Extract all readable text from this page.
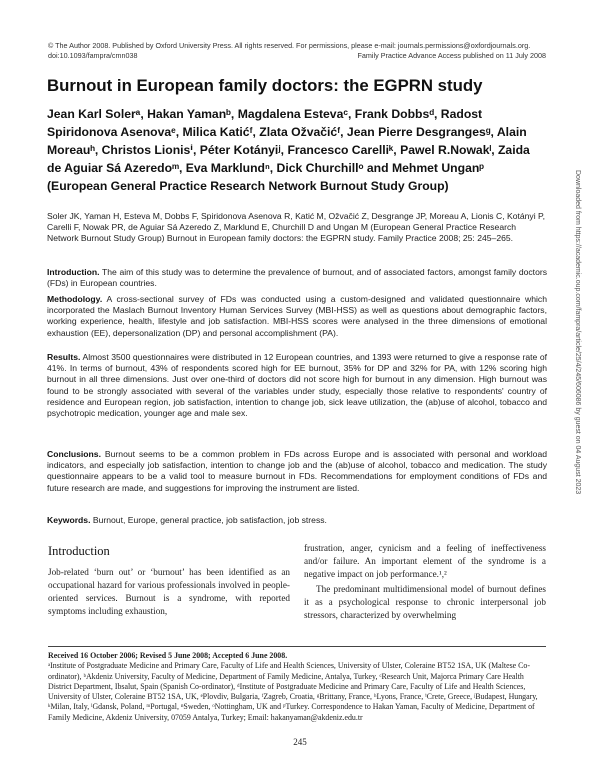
© The Author 2008. Published by Oxford University Press. All rights reserved. For permissions, please e-mail: journals.permissions@oxfordjournals.org.
doi:10.1093/fampra/cmn038	Family Practice Advance Access published on 11 July 2008
Burnout in European family doctors: the EGPRN study
Jean Karl Solerᵃ, Hakan Yamanᵇ, Magdalena Estevaᶜ, Frank Dobbsᵈ, Radost Spiridonova Asenovaᵉ, Milica Katićᶠ, Zlata Ožvačićᶠ, Jean Pierre Desgrangesᵍ, Alain Moreauʰ, Christos Lionisⁱ, Péter Kotányiʲ, Francesco Carelliᵏ, Pawel R.Nowakˡ, Zaida de Aguiar Sá Azeredoᵐ, Eva Marklundⁿ, Dick Churchillᵒ and Mehmet Unganᵖ (European General Practice Research Network Burnout Study Group)
Soler JK, Yaman H, Esteva M, Dobbs F, Spiridonova Asenova R, Katić M, Ožvačić Z, Desgrange JP, Moreau A, Lionis C, Kotányi P, Carelli F, Nowak PR, de Aguiar Sá Azeredo Z, Marklund E, Churchill D and Ungan M (European General Practice Research Network Burnout Study Group) Burnout in European family doctors: the EGPRN study. Family Practice 2008; 25: 245–265.
Introduction. The aim of this study was to determine the prevalence of burnout, and of associated factors, amongst family doctors (FDs) in European countries.
Methodology. A cross-sectional survey of FDs was conducted using a custom-designed and validated questionnaire which incorporated the Maslach Burnout Inventory Human Services Survey (MBI-HSS) as well as questions about demographic factors, working experience, health, lifestyle and job satisfaction. MBI-HSS scores were analysed in the three dimensions of emotional exhaustion (EE), depersonalization (DP) and personal accomplishment (PA).
Results. Almost 3500 questionnaires were distributed in 12 European countries, and 1393 were returned to give a response rate of 41%. In terms of burnout, 43% of respondents scored high for EE burnout, 35% for DP and 32% for PA, with 12% scoring high burnout in all three dimensions. Just over one-third of doctors did not score high for burnout in any dimension. High burnout was found to be strongly associated with several of the variables under study, especially those relative to respondents' country of residence and European region, job satisfaction, intention to change job, sick leave utilization, the (ab)use of alcohol, tobacco and psychotropic medication, younger age and male sex.
Conclusions. Burnout seems to be a common problem in FDs across Europe and is associated with personal and workload indicators, and especially job satisfaction, intention to change job and the (ab)use of alcohol, tobacco and medication. The study questionnaire appears to be a valid tool to measure burnout in FDs. Recommendations for employment conditions of FDs and future research are made, and suggestions for improving the instrument are listed.
Keywords. Burnout, Europe, general practice, job satisfaction, job stress.
Introduction

Job-related ‘burn out’ or ‘burnout’ has been identified as an occupational hazard for various professionals involved in people-oriented services. Burnout is a syndrome, with reported symptoms including exhaustion,

frustration, anger, cynicism and a feeling of ineffectiveness and/or failure. An important element of the syndrome is a negative impact on job performance.¹,²

The predominant multidimensional model of burnout defines it as a psychological response to chronic interpersonal job stressors, characterized by overwhelming

Received 16 October 2006; Revised 5 June 2008; Accepted 6 June 2008.
ᵃInstitute of Postgraduate Medicine and Primary Care, Faculty of Life and Health Sciences, University of Ulster, Coleraine BT52 1SA, UK (Maltese Co-ordinator), ᵇAkdeniz University, Faculty of Medicine, Department of Family Medicine, Antalya, Turkey, ᶜResearch Unit, Majorca Primary Care Health District Department, Ibsalut, Spain (Spanish Co-ordinator), ᵈInstitute of Postgraduate Medicine and Primary Care, Faculty of Life and Health Sciences, University of Ulster, Coleraine BT52 1SA, UK, ᵉPlovdiv, Bulgaria, ᶠZagreb, Croatia, ᵍBrittany, France, ʰLyons, France, ⁱCrete, Greece, ʲBudapest, Hungary, ᵏMilan, Italy, ˡGdansk, Poland, ᵐPortugal, ⁿSweden, ᵒNottingham, UK and ᵖTurkey. Correspondence to Hakan Yaman, Faculty of Medicine, Department of Family Medicine, Akdeniz University, 07059 Antalya, Turkey; Email: hakanyaman@akdeniz.edu.tr
245
Downloaded from https://academic.oup.com/fampra/article/25/4/245/606086 by guest on 04 August 2023
